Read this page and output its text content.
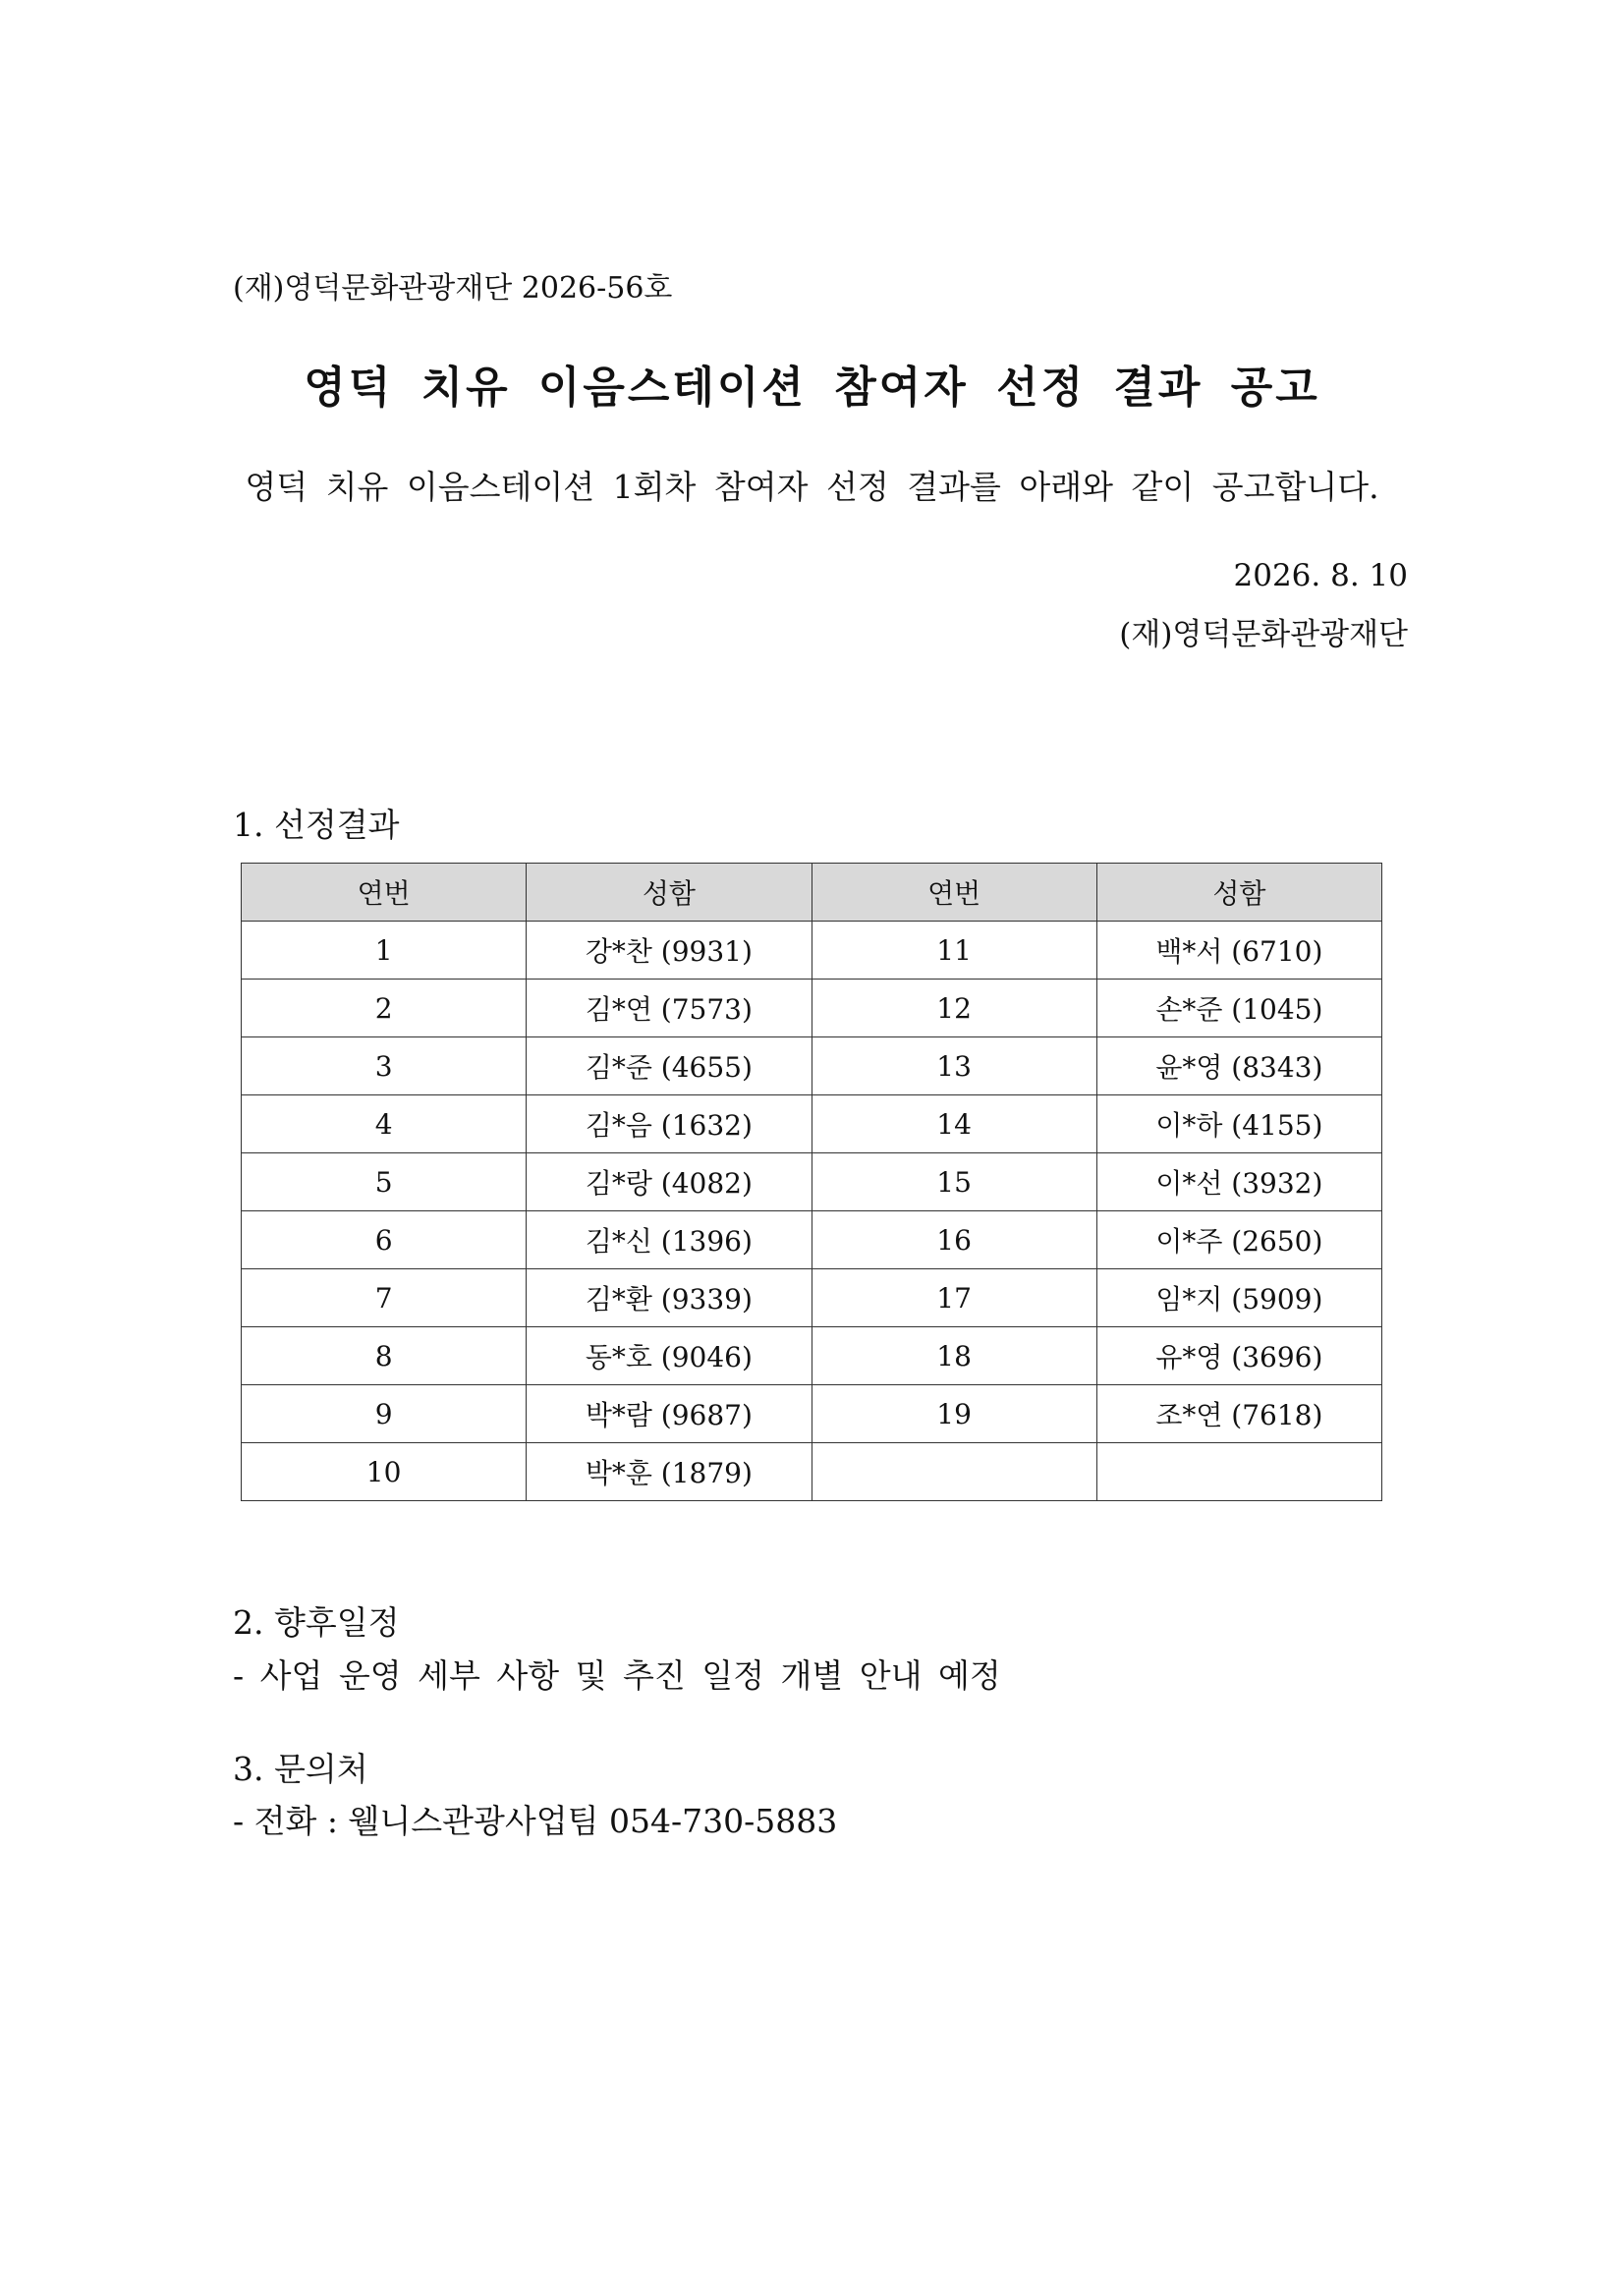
(재)영덕문화관광재단 2026-56호
영덕 치유 이음스테이션 참여자 선정 결과 공고
영덕 치유 이음스테이션 1회차 참여자 선정 결과를 아래와 같이 공고합니다.
2026. 8. 10
(재)영덕문화관광재단
1. 선정결과
연번	성함	연번	성함
1	강*찬 (9931)	11	백*서 (6710)
2	김*연 (7573)	12	손*준 (1045)
3	김*준 (4655)	13	윤*영 (8343)
4	김*음 (1632)	14	이*하 (4155)
5	김*랑 (4082)	15	이*선 (3932)
6	김*신 (1396)	16	이*주 (2650)
7	김*환 (9339)	17	임*지 (5909)
8	동*호 (9046)	18	유*영 (3696)
9	박*람 (9687)	19	조*연 (7618)
10	박*훈 (1879)		
2. 향후일정
- 사업 운영 세부 사항 및 추진 일정 개별 안내 예정
3. 문의처
- 전화 : 웰니스관광사업팀 054-730-5883
